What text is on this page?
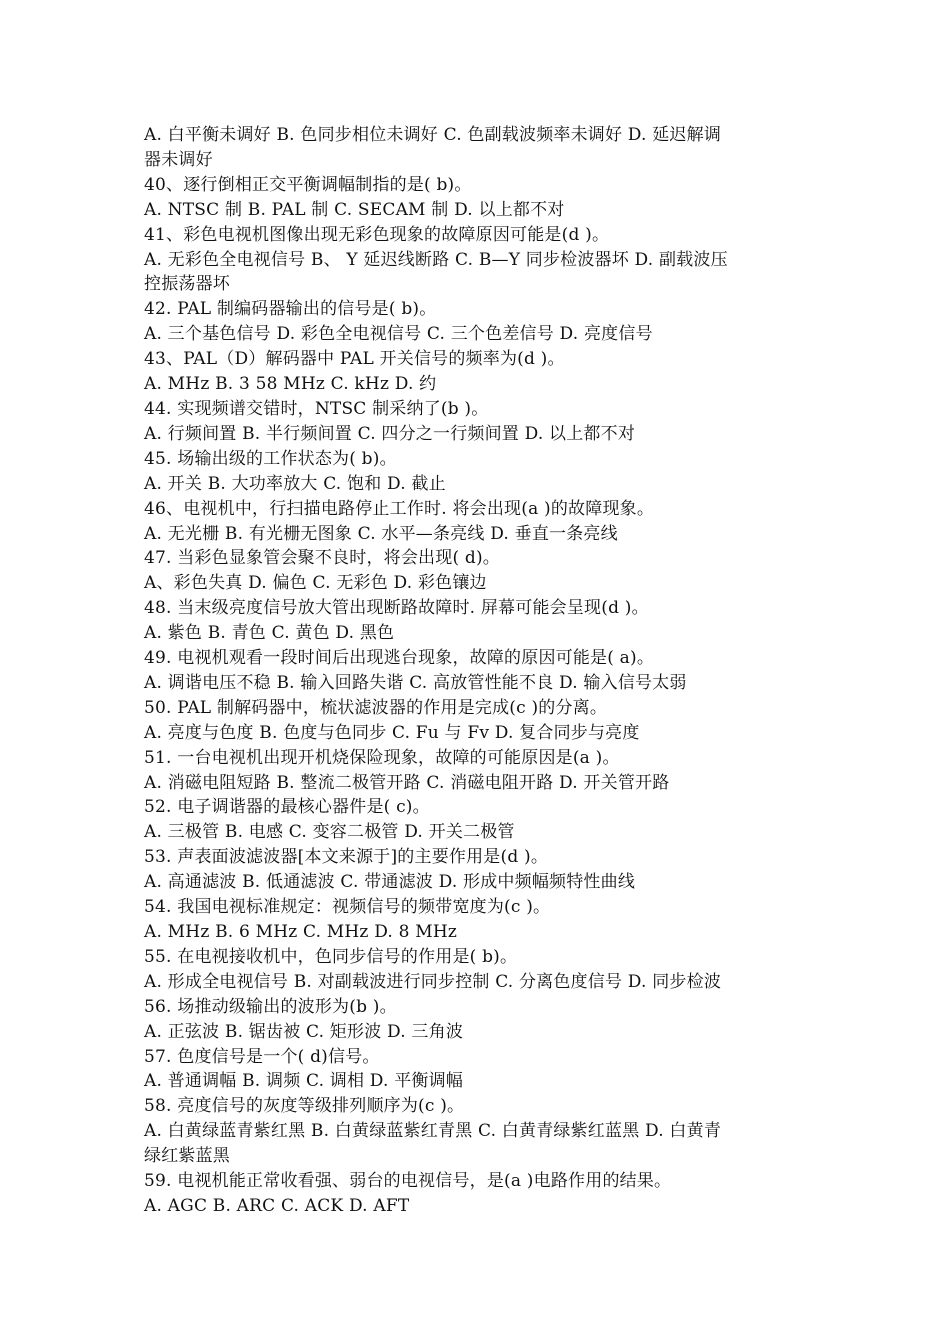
A. 白平衡未调好 B. 色同步相位未调好 C. 色副载波频率未调好 D. 延迟解调
器未调好
40、逐行倒相正交平衡调幅制指的是( b)。
A. NTSC 制 B. PAL 制 C. SECAM 制 D. 以上都不对
41、彩色电视机图像出现无彩色现象的故障原因可能是(d )。
A. 无彩色全电视信号 B、 Y 延迟线断路 C. B—Y 同步检波器坏 D. 副载波压
控振荡器坏
42. PAL 制编码器输出的信号是( b)。
A. 三个基色信号 D. 彩色全电视信号 C. 三个色差信号 D. 亮度信号
43、PAL（D）解码器中 PAL 开关信号的频率为(d )。
A. MHz B. 3 58 MHz C. kHz D. 约
44. 实现频谱交错时，NTSC 制采纳了(b )。
A. 行频间置 B. 半行频间置 C. 四分之一行频间置 D. 以上都不对
45. 场输出级的工作状态为( b)。
A. 开关 B. 大功率放大 C. 饱和 D. 截止
46、电视机中，行扫描电路停止工作时. 将会出现(a )的故障现象。
A. 无光栅 B. 有光栅无图象 C. 水平—条亮线 D. 垂直一条亮线
47. 当彩色显象管会聚不良时，将会出现( d)。
A、彩色失真 D. 偏色 C. 无彩色 D. 彩色镶边
48. 当末级亮度信号放大管出现断路故障时. 屏幕可能会呈现(d )。
A. 紫色 B. 青色 C. 黄色 D. 黑色
49. 电视机观看一段时间后出现逃台现象，故障的原因可能是( a)。
A. 调谐电压不稳 B. 输入回路失谐 C. 高放管性能不良 D. 输入信号太弱
50. PAL 制解码器中，梳状滤波器的作用是完成(c )的分离。
A. 亮度与色度 B. 色度与色同步 C. Fu 与 Fv D. 复合同步与亮度
51. 一台电视机出现开机烧保险现象，故障的可能原因是(a )。
A. 消磁电阻短路 B. 整流二极管开路 C. 消磁电阻开路 D. 开关管开路
52. 电子调谐器的最核心器件是( c)。
A. 三极管 B. 电感 C. 变容二极管 D. 开关二极管
53. 声表面波滤波器[本文来源于]的主要作用是(d )。
A. 高通滤波 B. 低通滤波 C. 带通滤波 D. 形成中频幅频特性曲线
54. 我国电视标准规定：视频信号的频带宽度为(c )。
A. MHz B. 6 MHz C. MHz D. 8 MHz
55. 在电视接收机中，色同步信号的作用是( b)。
A. 形成全电视信号 B. 对副载波进行同步控制 C. 分离色度信号 D. 同步检波
56. 场推动级输出的波形为(b )。
A. 正弦波 B. 锯齿被 C. 矩形波 D. 三角波
57. 色度信号是一个( d)信号。
A. 普通调幅 B. 调频 C. 调相 D. 平衡调幅
58. 亮度信号的灰度等级排列顺序为(c )。
A. 白黄绿蓝青紫红黑 B. 白黄绿蓝紫红青黑 C. 白黄青绿紫红蓝黑 D. 白黄青
绿红紫蓝黑
59. 电视机能正常收看强、弱台的电视信号，是(a )电路作用的结果。
A. AGC B. ARC C. ACK D. AFT
